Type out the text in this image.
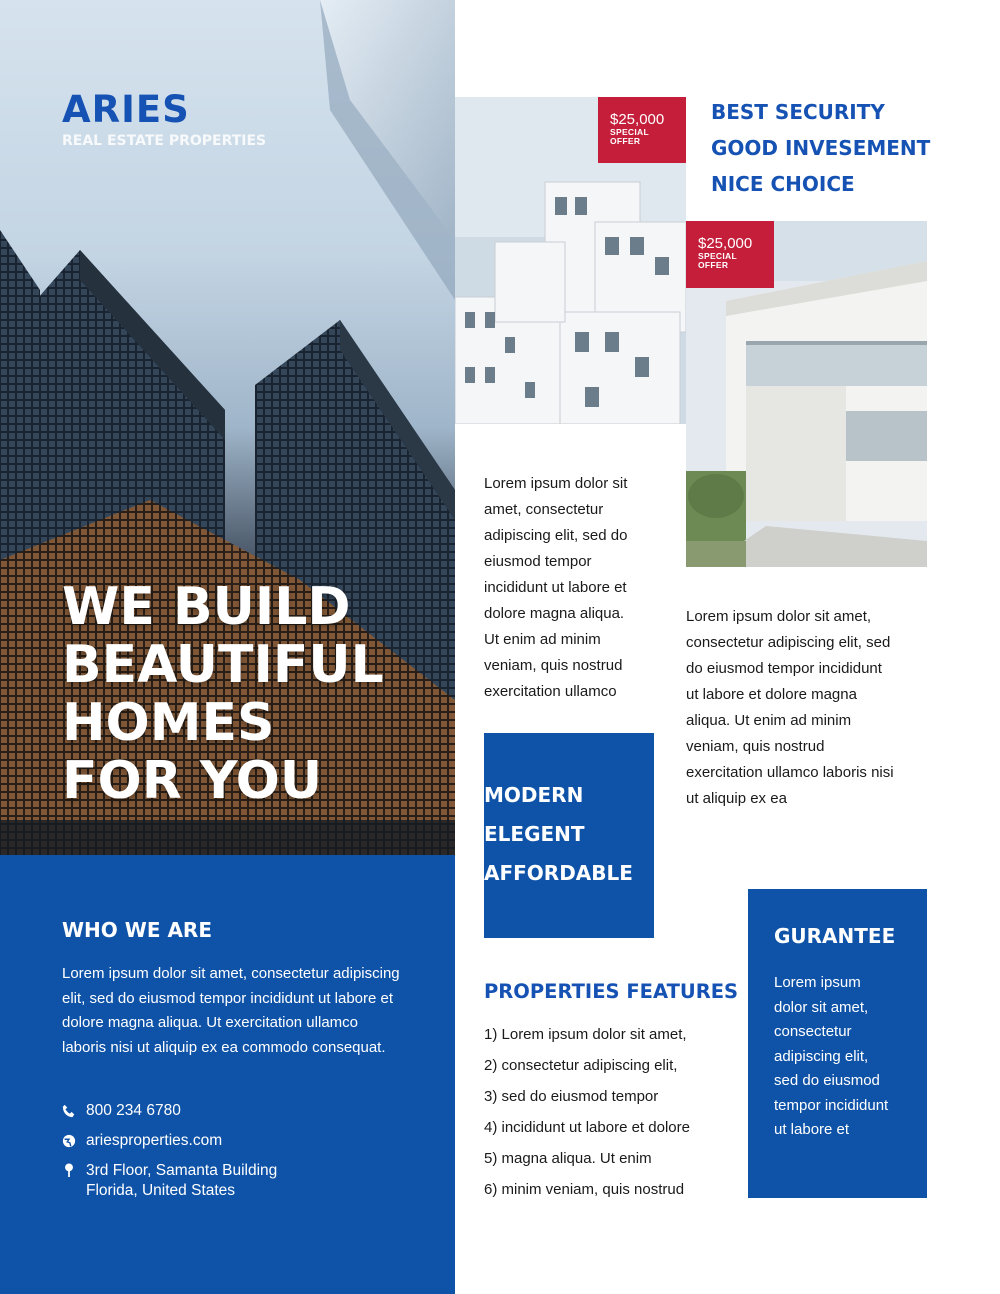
ARIES
REAL ESTATE PROPERTIES
WE BUILD
BEAUTIFUL
HOMES
FOR YOU
WHO WE ARE
Lorem ipsum dolor sit amet, consectetur adipiscing elit, sed do eiusmod tempor incididunt ut labore et dolore magna aliqua. Ut exercitation ullamco laboris nisi ut aliquip ex ea commodo consequat.
800 234 6780
ariesproperties.com
3rd Floor, Samanta Building
Florida, United States
$25,000
SPECIAL
OFFER
BEST SECURITY
GOOD INVESEMENT
NICE CHOICE
$25,000
SPECIAL
OFFER
Lorem ipsum dolor sit
amet, consectetur
adipiscing elit, sed do
eiusmod tempor
incididunt ut labore et
dolore magna aliqua.
Ut enim ad minim
veniam, quis nostrud
exercitation ullamco
Lorem ipsum dolor sit amet,
consectetur adipiscing elit, sed
do eiusmod tempor incididunt
ut labore et dolore magna
aliqua. Ut enim ad minim
veniam, quis nostrud
exercitation ullamco laboris nisi
ut aliquip ex ea
MODERN
ELEGENT
AFFORDABLE
PROPERTIES FEATURES
1) Lorem ipsum dolor sit amet,
2) consectetur adipiscing elit,
3) sed do eiusmod tempor
4) incididunt ut labore et dolore
5) magna aliqua. Ut enim
6) minim veniam, quis nostrud
GURANTEE
Lorem ipsum
dolor sit amet,
consectetur
adipiscing elit,
sed do eiusmod
tempor incididunt
ut labore et
